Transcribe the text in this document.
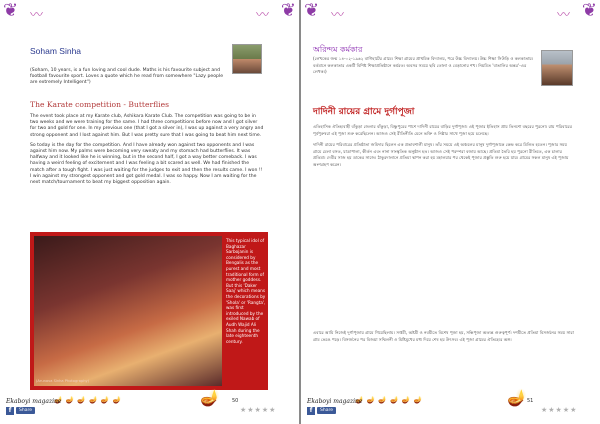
❦	❦
〰	〰
Soham Sinha
(Soham, 10 years, is a fun loving and cool dude. Maths is his favourite subject and football favourite sport. Loves a quote which he read from somewhere "Lazy people are extremely Intelligent")
The Karate competition - Butterflies

The event took place at my Karate club, Ashikara Karate Club. The competition was going to be in two weeks and we were training for the same. I had three competitions before now and I got silver for two and gold for one. In my previous one (that I got a silver in), I was up against a very angry and strong opponent and I lost against him. But I was pretty sure that I was going to beat him next time.

So today is the day for the competition. And I have already won against two opponents and I was against him now. My palms were becoming very sweaty and my stomach had butterflies. It was halfway and it looked like he is winning, but in the second half, I got a way better comeback. I was having a weird feeling of excitement and I was feeling a bit scared as well. We had finished the match after a tough fight. I was just waiting for the judges to exit and then the results came. I won !! I win against my strongest opponent and got gold medal. I was so happy. Now I am waiting for the next match/tournament to beat my biggest opposition again.

(Arunava Sinha Photography)
This typical idol of Baghazar Sarbojanin is considered by Bengalis as the purest and most traditional form of mother goddess. But this 'Daker Saaj' which means the decorations by 'Shola' or 'Rangta', was first introduced by the exiled Nawab of Audh Wajid Ali Shah during the late eighteenth century.
🪔🪔🪔🪔🪔🪔	🪔
Ekaboyi magazine
f	Share
50
★★★★★
❦	❦
〰	〰
অরিন্দম কর্মকার
(লেখকের জন্ম ১৪-০২-১৯৬২ বাগিহাটের গ্রামে। শিক্ষা গ্রামের প্রাথমিক বিদ্যালয়, পরে উচ্চ বিদ্যালয়। উচ্চ শিক্ষা সিউড়ি ও কলকাতায়। বর্তমানে কলকাতার একটি বিশিষ্ট শিক্ষাপ্রতিষ্ঠানে কর্মরত। অবসর সময়ে ছবি তোলা ও বেড়ানোর শখ। নিয়মিত 'বাঙালির অন্তর'-এর লেখক।)
দাদিনী রায়ের গ্রামে দুর্গাপূজা

এতিহাসিক ঐতিহ্যবাহী বাঁকুড়া জেলার বাঁকুড়া, বিষ্ণুপুরের পাশে দাদিনী রায়ের বাড়ির দুর্গাপূজা। এই পূজার ইতিহাস প্রায় তিনশো বছরের পুরনো। রায় পরিবারের পূর্বপুরুষরা এই পূজা শুরু করেছিলেন। আজও সেই রীতিনীতি মেনে ভক্তি ও নিষ্ঠার সাথে পূজা হয়ে চলেছে।

দাদিনী রায়ের পরিবারের প্রতিষ্ঠাতা জমিদার ছিলেন এক প্রভাবশালী মানুষ। তাঁর সময়ে এই অঞ্চলের মানুষ দুর্গাপূজাকে কেন্দ্র করে মিলিত হতেন। পূজার সময় গ্রামে মেলা বসত, যাত্রাপালা, কীর্তন এবং নানা সাংস্কৃতিক অনুষ্ঠান হত। আজও সেই পরম্পরা বজায় আছে। প্রতিমা তৈরি হয় পুরনো রীতিতে, এক চালার প্রতিমা। দেবীর সাজ হয় ডাকের সাজে। ঠাকুরদালানে প্রতিমা স্থাপন করা হয় মহালয়ার পর থেকেই পূজার প্রস্তুতি শুরু হয়ে যায়। গ্রামের সকল মানুষ এই পূজায় অংশগ্রহণ করেন।

এবারে আমি নিজেই দুর্গাপূজায় গ্রামে গিয়েছিলাম। সপ্তমী, অষ্টমী ও নবমীতে বিশেষ পূজা হয়, সন্ধিপূজা অত্যন্ত গুরুত্বপূর্ণ। দশমীতে প্রতিমা বিসর্জনের সময় সারা গ্রাম ভেঙে পড়ে। বিসর্জনের পর বিজয়া সম্মিলনী ও মিষ্টিমুখের মধ্য দিয়ে শেষ হয় উৎসব। এই পূজা গ্রামের ঐতিহ্যের অঙ্গ।

🪔🪔🪔🪔🪔🪔	🪔
Ekaboyi magazine
f	Share
51
★★★★★
